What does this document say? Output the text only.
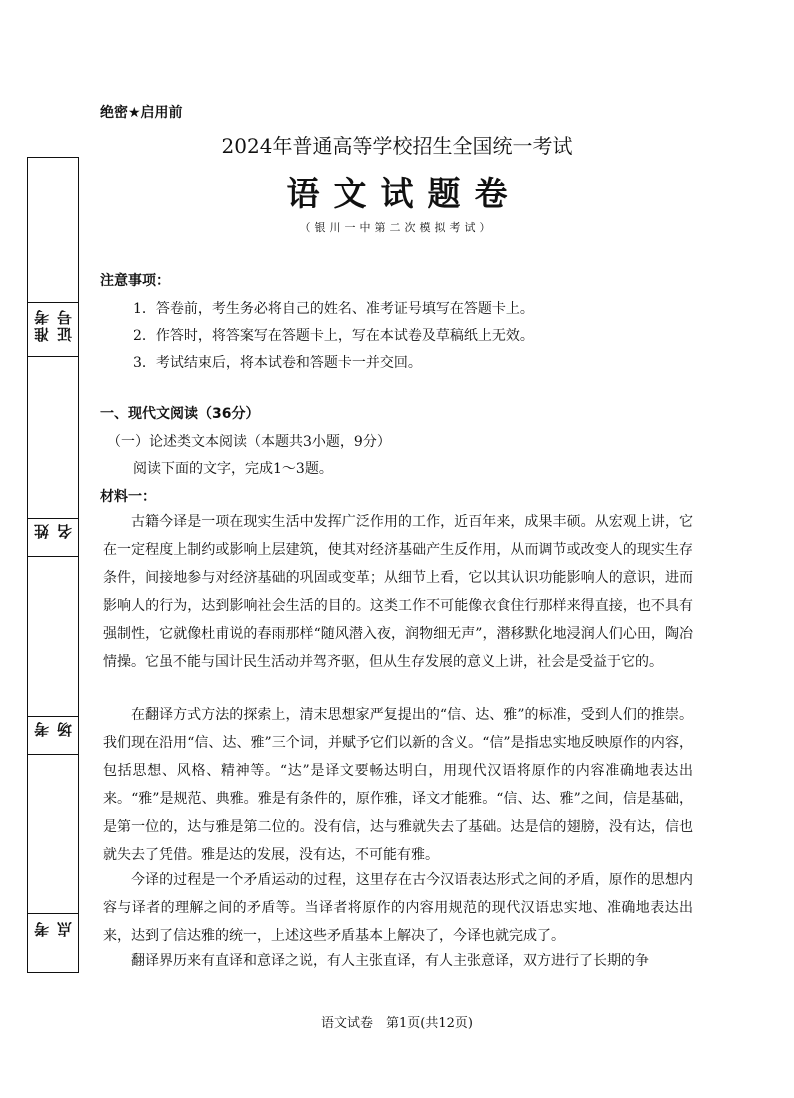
准考 证号
姓 名
考 场
考 点
绝密★启用前
2024年普通高等学校招生全国统一考试
语文试题卷
（银川一中第二次模拟考试）
注意事项：
1．答卷前，考生务必将自己的姓名、准考证号填写在答题卡上。
2．作答时，将答案写在答题卡上，写在本试卷及草稿纸上无效。
3．考试结束后，将本试卷和答题卡一并交回。
一、现代文阅读（36分）
（一）论述类文本阅读（本题共3小题，9分）
阅读下面的文字，完成1～3题。
材料一：

古籍今译是一项在现实生活中发挥广泛作用的工作，近百年来，成果丰硕。从宏观上讲，它在一定程度上制约或影响上层建筑，使其对经济基础产生反作用，从而调节或改变人的现实生存条件，间接地参与对经济基础的巩固或变革；从细节上看，它以其认识功能影响人的意识，进而影响人的行为，达到影响社会生活的目的。这类工作不可能像衣食住行那样来得直接，也不具有强制性，它就像杜甫说的春雨那样“随风潜入夜，润物细无声”，潜移默化地浸润人们心田，陶冶情操。它虽不能与国计民生活动并驾齐驱，但从生存发展的意义上讲，社会是受益于它的。

在翻译方式方法的探索上，清末思想家严复提出的“信、达、雅”的标准，受到人们的推崇。我们现在沿用“信、达、雅”三个词，并赋予它们以新的含义。“信”是指忠实地反映原作的内容，包括思想、风格、精神等。“达”是译文要畅达明白，用现代汉语将原作的内容准确地表达出来。“雅”是规范、典雅。雅是有条件的，原作雅，译文才能雅。“信、达、雅”之间，信是基础，是第一位的，达与雅是第二位的。没有信，达与雅就失去了基础。达是信的翅膀，没有达，信也就失去了凭借。雅是达的发展，没有达，不可能有雅。

今译的过程是一个矛盾运动的过程，这里存在古今汉语表达形式之间的矛盾，原作的思想内容与译者的理解之间的矛盾等。当译者将原作的内容用规范的现代汉语忠实地、准确地表达出来，达到了信达雅的统一，上述这些矛盾基本上解决了，今译也就完成了。

翻译界历来有直译和意译之说，有人主张直译，有人主张意译，双方进行了长期的争

语文试卷　第1页(共12页)
